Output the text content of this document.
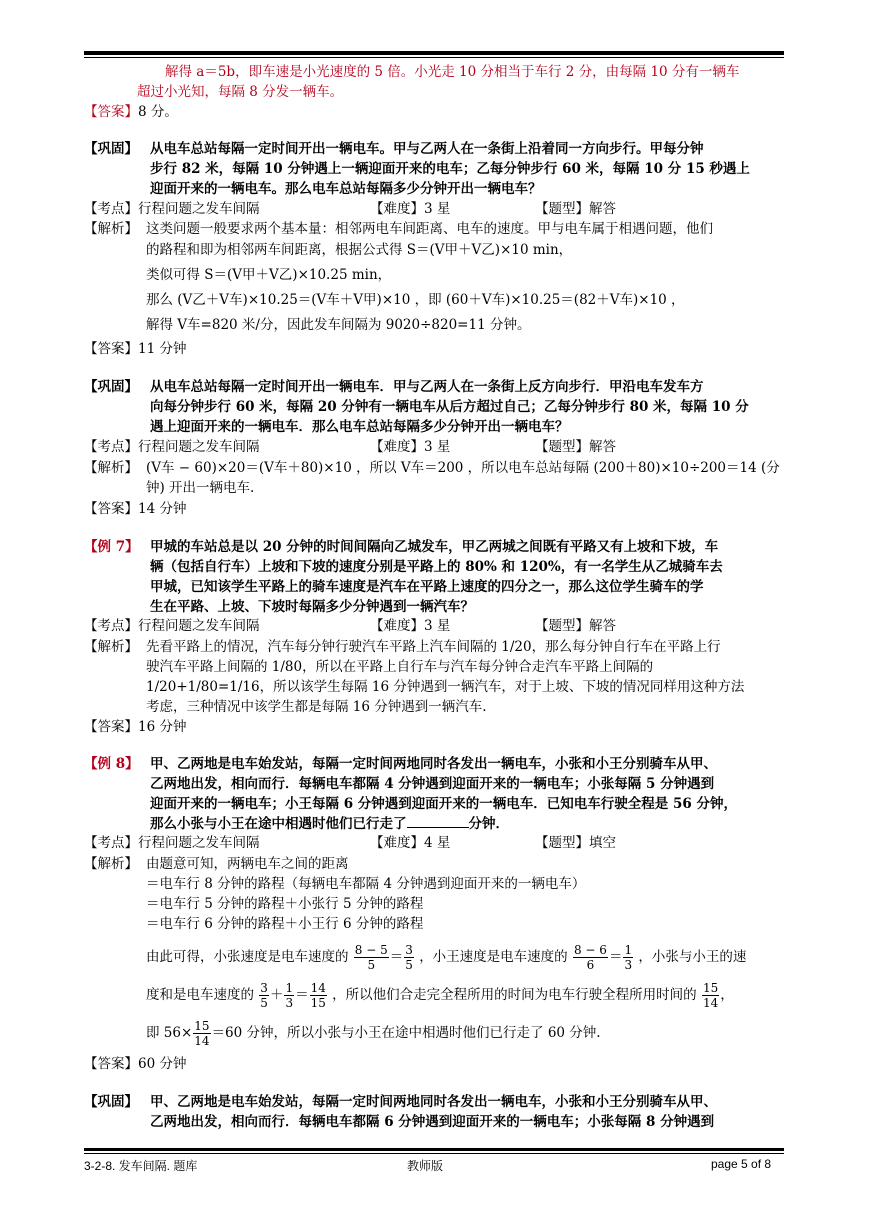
解得 a＝5b，即车速是小光速度的 5 倍。小光走 10 分相当于车行 2 分，由每隔 10 分有一辆车
超过小光知，每隔 8 分发一辆车。
【答案】8 分。
【巩固】 从电车总站每隔一定时间开出一辆电车。甲与乙两人在一条街上沿着同一方向步行。甲每分钟
步行 82 米，每隔 10 分钟遇上一辆迎面开来的电车；乙每分钟步行 60 米，每隔 10 分 15 秒遇上
迎面开来的一辆电车。那么电车总站每隔多少分钟开出一辆电车？
【考点】行程问题之发车间隔	【难度】3 星	【题型】解答
【解析】 这类问题一般要求两个基本量：相邻两电车间距离、电车的速度。甲与电车属于相遇问题，他们
的路程和即为相邻两车间距离，根据公式得 S＝(V甲＋V乙)×10 min，
类似可得 S＝(V甲＋V乙)×10.25 min，
那么 (V乙＋V车)×10.25＝(V车＋V甲)×10 ，即 (60＋V车)×10.25＝(82＋V车)×10 ，
解得 V车=820 米/分，因此发车间隔为 9020÷820=11 分钟。
【答案】11 分钟
【巩固】 从电车总站每隔一定时间开出一辆电车．甲与乙两人在一条街上反方向步行．甲沿电车发车方
向每分钟步行 60 米，每隔 20 分钟有一辆电车从后方超过自己；乙每分钟步行 80 米，每隔 10 分
遇上迎面开来的一辆电车．那么电车总站每隔多少分钟开出一辆电车？
【考点】行程问题之发车间隔	【难度】3 星	【题型】解答
【解析】 (V车 − 60)×20＝(V车＋80)×10 ，所以 V车＝200 ，所以电车总站每隔 (200＋80)×10÷200＝14 (分
钟) 开出一辆电车.
【答案】14 分钟
【例 7】 甲城的车站总是以 20 分钟的时间间隔向乙城发车，甲乙两城之间既有平路又有上坡和下坡，车
辆（包括自行车）上坡和下坡的速度分别是平路上的 80% 和 120%，有一名学生从乙城骑车去
甲城，已知该学生平路上的骑车速度是汽车在平路上速度的四分之一，那么这位学生骑车的学
生在平路、上坡、下坡时每隔多少分钟遇到一辆汽车？
【考点】行程问题之发车间隔	【难度】3 星	【题型】解答
【解析】 先看平路上的情况，汽车每分钟行驶汽车平路上汽车间隔的 1/20，那么每分钟自行车在平路上行
驶汽车平路上间隔的 1/80，所以在平路上自行车与汽车每分钟合走汽车平路上间隔的
1/20+1/80=1/16，所以该学生每隔 16 分钟遇到一辆汽车，对于上坡、下坡的情况同样用这种方法
考虑，三种情况中该学生都是每隔 16 分钟遇到一辆汽车.
【答案】16 分钟
【例 8】 甲、乙两地是电车始发站，每隔一定时间两地同时各发出一辆电车，小张和小王分别骑车从甲、
乙两地出发，相向而行．每辆电车都隔 4 分钟遇到迎面开来的一辆电车；小张每隔 5 分钟遇到
迎面开来的一辆电车；小王每隔 6 分钟遇到迎面开来的一辆电车．已知电车行驶全程是 56 分钟，
那么小张与小王在途中相遇时他们已行走了	分钟．
【考点】行程问题之发车间隔	【难度】4 星	【题型】填空
【解析】 由题意可知，两辆电车之间的距离
＝电车行 8 分钟的路程（每辆电车都隔 4 分钟遇到迎面开来的一辆电车）
＝电车行 5 分钟的路程＋小张行 5 分钟的路程
＝电车行 6 分钟的路程＋小王行 6 分钟的路程
由此可得，小张速度是电车速度的 $\frac{8 - 5}{5} = \frac{3}{5}$ ，小王速度是电车速度的 $\frac{8 - 6}{6} = \frac{1}{3}$ ，小张与小王的速
度和是电车速度的 $\frac{3}{5} + \frac{1}{3} = \frac{14}{15}$ ，所以他们合走完全程所用的时间为电车行驶全程所用时间的 $\frac{15}{14}$ ，
即 $56\times \frac{15}{14} =60$ 分钟，所以小张与小王在途中相遇时他们已行走了 60 分钟.
【答案】60 分钟
【巩固】 甲、乙两地是电车始发站，每隔一定时间两地同时各发出一辆电车，小张和小王分别骑车从甲、
乙两地出发，相向而行．每辆电车都隔 6 分钟遇到迎面开来的一辆电车；小张每隔 8 分钟遇到
3-2-8. 发车间隔. 题库	教师版	page 5 of 8
